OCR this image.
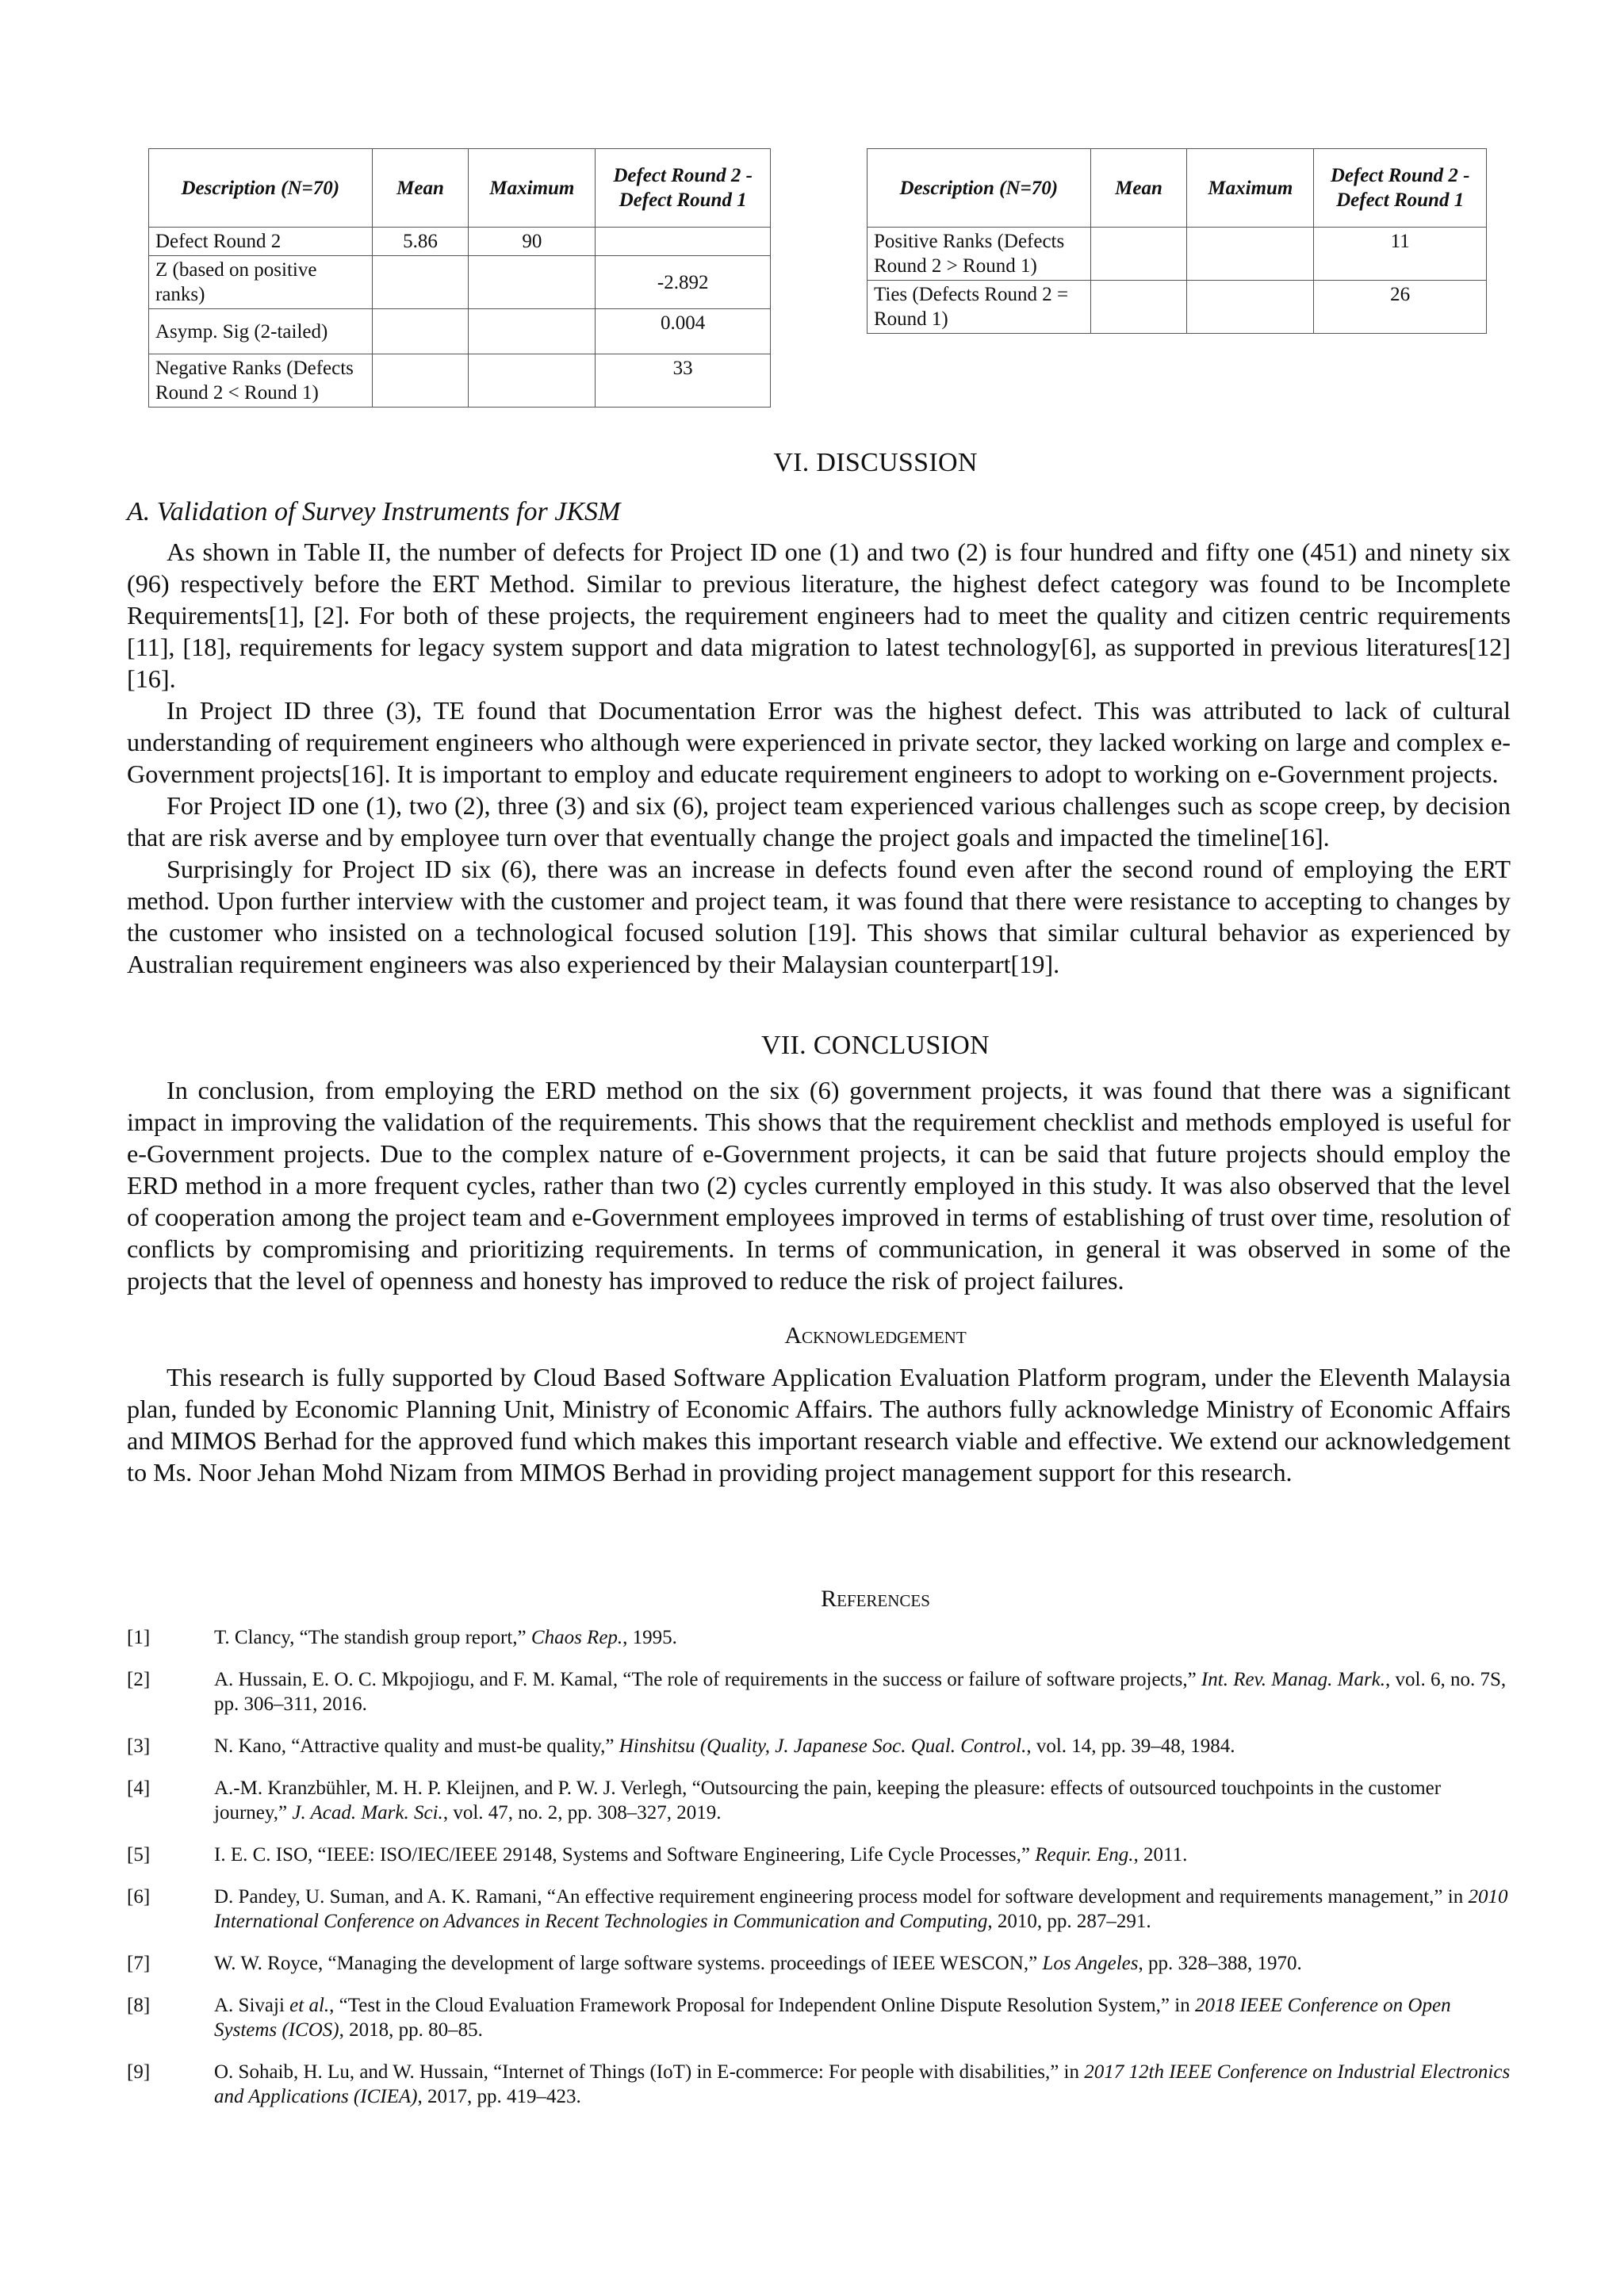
Description (N=70)	Mean	Maximum	Defect Round 2 - Defect Round 1
Defect Round 2	5.86	90	
Z (based on positive ranks)			-2.892
Asymp. Sig (2-tailed)			0.004
Negative Ranks (Defects Round 2 < Round 1)			33
Description (N=70)	Mean	Maximum	Defect Round 2 - Defect Round 1
Positive Ranks (Defects Round 2 > Round 1)			11
Ties (Defects Round 2 = Round 1)			26
VI. DISCUSSION
A. Validation of Survey Instruments for JKSM

As shown in Table II, the number of defects for Project ID one (1) and two (2) is four hundred and fifty one (451) and ninety six (96) respectively before the ERT Method. Similar to previous literature, the highest defect category was found to be Incomplete Requirements[1], [2]. For both of these projects, the requirement engineers had to meet the quality and citizen centric requirements [11], [18], requirements for legacy system support and data migration to latest technology[6], as supported in previous literatures[12][16].

In Project ID three (3), TE found that Documentation Error was the highest defect. This was attributed to lack of cultural understanding of requirement engineers who although were experienced in private sector, they lacked working on large and complex e-Government projects[16]. It is important to employ and educate requirement engineers to adopt to working on e-Government projects.

For Project ID one (1), two (2), three (3) and six (6), project team experienced various challenges such as scope creep, by decision that are risk averse and by employee turn over that eventually change the project goals and impacted the timeline[16].

Surprisingly for Project ID six (6), there was an increase in defects found even after the second round of employing the ERT method. Upon further interview with the customer and project team, it was found that there were resistance to accepting to changes by the customer who insisted on a technological focused solution [19]. This shows that similar cultural behavior as experienced by Australian requirement engineers was also experienced by their Malaysian counterpart[19].

VII. CONCLUSION

In conclusion, from employing the ERD method on the six (6) government projects, it was found that there was a significant impact in improving the validation of the requirements. This shows that the requirement checklist and methods employed is useful for e-Government projects. Due to the complex nature of e-Government projects, it can be said that future projects should employ the ERD method in a more frequent cycles, rather than two (2) cycles currently employed in this study. It was also observed that the level of cooperation among the project team and e-Government employees improved in terms of establishing of trust over time, resolution of conflicts by compromising and prioritizing requirements. In terms of communication, in general it was observed in some of the projects that the level of openness and honesty has improved to reduce the risk of project failures.

Acknowledgement

This research is fully supported by Cloud Based Software Application Evaluation Platform program, under the Eleventh Malaysia plan, funded by Economic Planning Unit, Ministry of Economic Affairs. The authors fully acknowledge Ministry of Economic Affairs and MIMOS Berhad for the approved fund which makes this important research viable and effective. We extend our acknowledgement to Ms. Noor Jehan Mohd Nizam from MIMOS Berhad in providing project management support for this research.

References
[1]	T. Clancy, “The standish group report,” Chaos Rep., 1995.
[2]	A. Hussain, E. O. C. Mkpojiogu, and F. M. Kamal, “The role of requirements in the success or failure of software projects,” Int. Rev. Manag. Mark., vol. 6, no. 7S, pp. 306–311, 2016.
[3]	N. Kano, “Attractive quality and must-be quality,” Hinshitsu (Quality, J. Japanese Soc. Qual. Control., vol. 14, pp. 39–48, 1984.
[4]	A.-M. Kranzbühler, M. H. P. Kleijnen, and P. W. J. Verlegh, “Outsourcing the pain, keeping the pleasure: effects of outsourced touchpoints in the customer journey,” J. Acad. Mark. Sci., vol. 47, no. 2, pp. 308–327, 2019.
[5]	I. E. C. ISO, “IEEE: ISO/IEC/IEEE 29148, Systems and Software Engineering, Life Cycle Processes,” Requir. Eng., 2011.
[6]	D. Pandey, U. Suman, and A. K. Ramani, “An effective requirement engineering process model for software development and requirements management,” in 2010 International Conference on Advances in Recent Technologies in Communication and Computing, 2010, pp. 287–291.
[7]	W. W. Royce, “Managing the development of large software systems. proceedings of IEEE WESCON,” Los Angeles, pp. 328–388, 1970.
[8]	A. Sivaji et al., “Test in the Cloud Evaluation Framework Proposal for Independent Online Dispute Resolution System,” in 2018 IEEE Conference on Open Systems (ICOS), 2018, pp. 80–85.
[9]	O. Sohaib, H. Lu, and W. Hussain, “Internet of Things (IoT) in E-commerce: For people with disabilities,” in 2017 12th IEEE Conference on Industrial Electronics and Applications (ICIEA), 2017, pp. 419–423.
